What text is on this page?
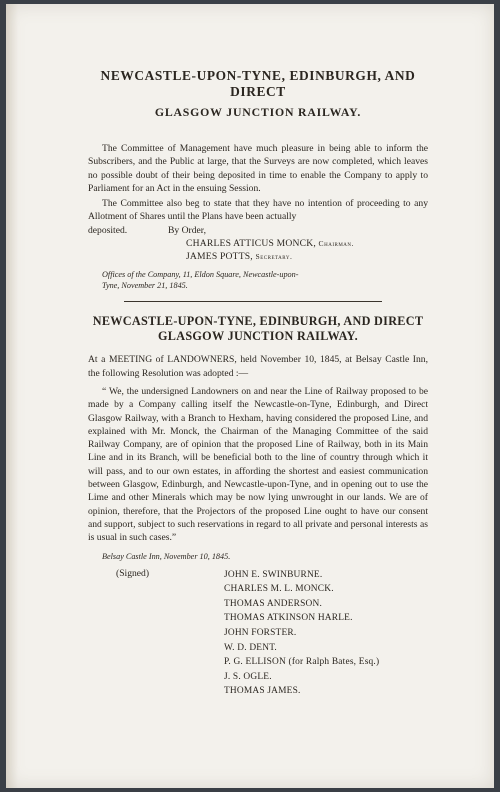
NEWCASTLE-UPON-TYNE, EDINBURGH, AND DIRECT
GLASGOW JUNCTION RAILWAY.

The Committee of Management have much pleasure in being able to inform the Subscribers, and the Public at large, that the Surveys are now completed, which leaves no possible doubt of their being deposited in time to enable the Company to apply to Parliament for an Act in the ensuing Session.

The Committee also beg to state that they have no intention of proceeding to any Allotment of Shares until the Plans have been actually

deposited.	By Order,
CHARLES ATTICUS MONCK, Chairman.
JAMES POTTS, Secretary.

Offices of the Company, 11, Eldon Square, Newcastle-upon-Tyne, November 21, 1845.

NEWCASTLE-UPON-TYNE, EDINBURGH, AND DIRECT GLASGOW JUNCTION RAILWAY.

At a MEETING of LANDOWNERS, held November 10, 1845, at Belsay Castle Inn, the following Resolution was adopted :—

“ We, the undersigned Landowners on and near the Line of Railway proposed to be made by a Company calling itself the Newcastle-on-Tyne, Edinburgh, and Direct Glasgow Railway, with a Branch to Hexham, having considered the proposed Line, and explained with Mr. Monck, the Chairman of the Managing Committee of the said Railway Company, are of opinion that the proposed Line of Railway, both in its Main Line and in its Branch, will be beneficial both to the line of country through which it will pass, and to our own estates, in affording the shortest and easiest communication between Glasgow, Edinburgh, and Newcastle-upon-Tyne, and in opening out to use the Lime and other Minerals which may be now lying unwrought in our lands. We are of opinion, therefore, that the Projectors of the proposed Line ought to have our consent and support, subject to such reservations in regard to all private and personal interests as is usual in such cases.”

Belsay Castle Inn, November 10, 1845.

(Signed)	JOHN E. SWINBURNE.
CHARLES M. L. MONCK.
THOMAS ANDERSON.
THOMAS ATKINSON HARLE.
JOHN FORSTER.
W. D. DENT.
P. G. ELLISON (for Ralph Bates, Esq.)
J. S. OGLE.
THOMAS JAMES.
